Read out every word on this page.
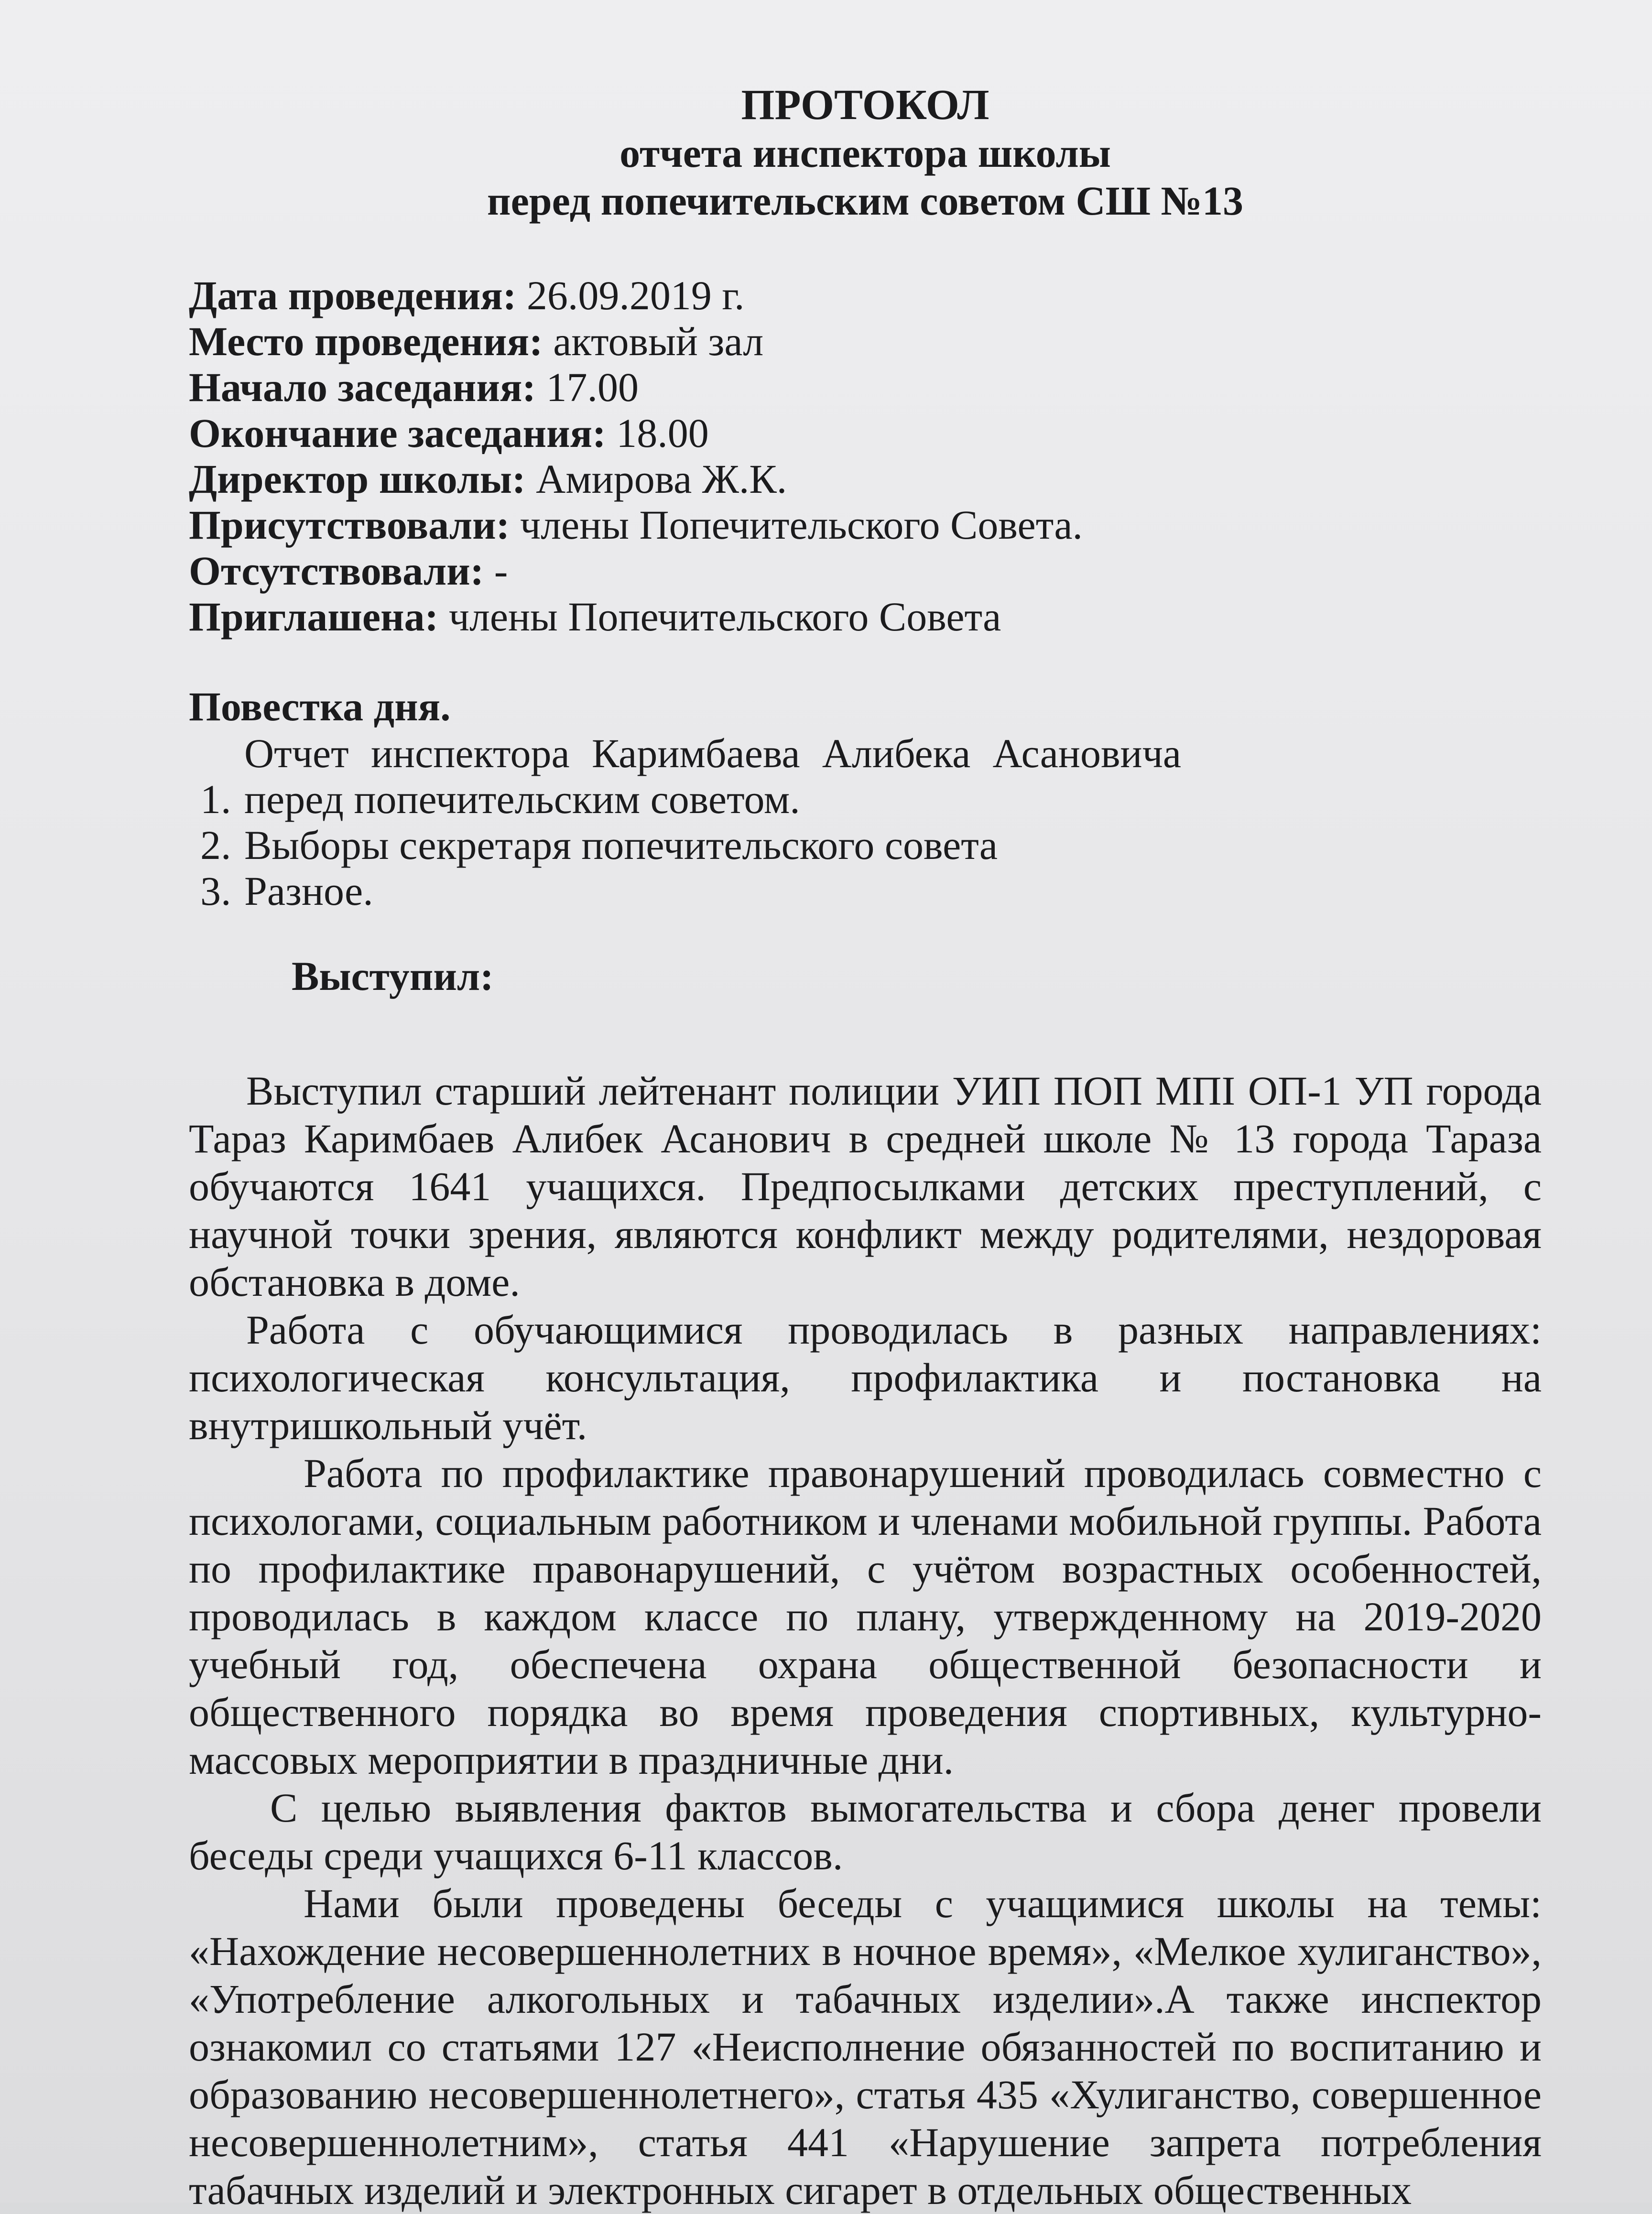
ПРОТОКОЛ
отчета инспектора школы
перед попечительским советом СШ №13
Дата проведения: 26.09.2019 г.
Место проведения: актовый зал
Начало заседания: 17.00
Окончание заседания: 18.00
Директор школы: Амирова Ж.К.
Присутствовали: члены Попечительского Совета.
Отсутствовали: -
Приглашена: члены Попечительского Совета
Повестка дня.
1. Отчет инспектора Каримбаева Алибека Асановича перед попечительским советом.
2. Выборы секретаря попечительского совета
3. Разное.
Выступил:

Выступил старший лейтенант полиции УИП ПОП МПI ОП-1 УП города Тараз Каримбаев Алибек Асанович в средней школе № 13 города Тараза обучаются 1641 учащихся. Предпосылками детских преступлений, с научной точки зрения, являются конфликт между родителями, нездоровая обстановка в доме.

Работа с обучающимися проводилась в разных направлениях: психологическая консультация, профилактика и постановка на внутришкольный учёт.

Работа по профилактике правонарушений проводилась совместно с психологами, социальным работником и членами мобильной группы. Работа по профилактике правонарушений, с учётом возрастных особенностей, проводилась в каждом классе по плану, утвержденному на 2019-2020 учебный год, обеспечена охрана общественной безопасности и общественного порядка во время проведения спортивных, культурно-массовых мероприятии в праздничные дни.

С целью выявления фактов вымогательства и сбора денег провели беседы среди учащихся 6-11 классов.

Нами были проведены беседы с учащимися школы на темы: «Нахождение несовершеннолетних в ночное время», «Мелкое хулиганство», «Употребление алкогольных и табачных изделии».А также инспектор ознакомил со статьями 127 «Неисполнение обязанностей по воспитанию и образованию несовершеннолетнего», статья 435 «Хулиганство, совершенное несовершеннолетним», статья 441 «Нарушение запрета потребления табачных изделий и электронных сигарет в отдельных общественных
